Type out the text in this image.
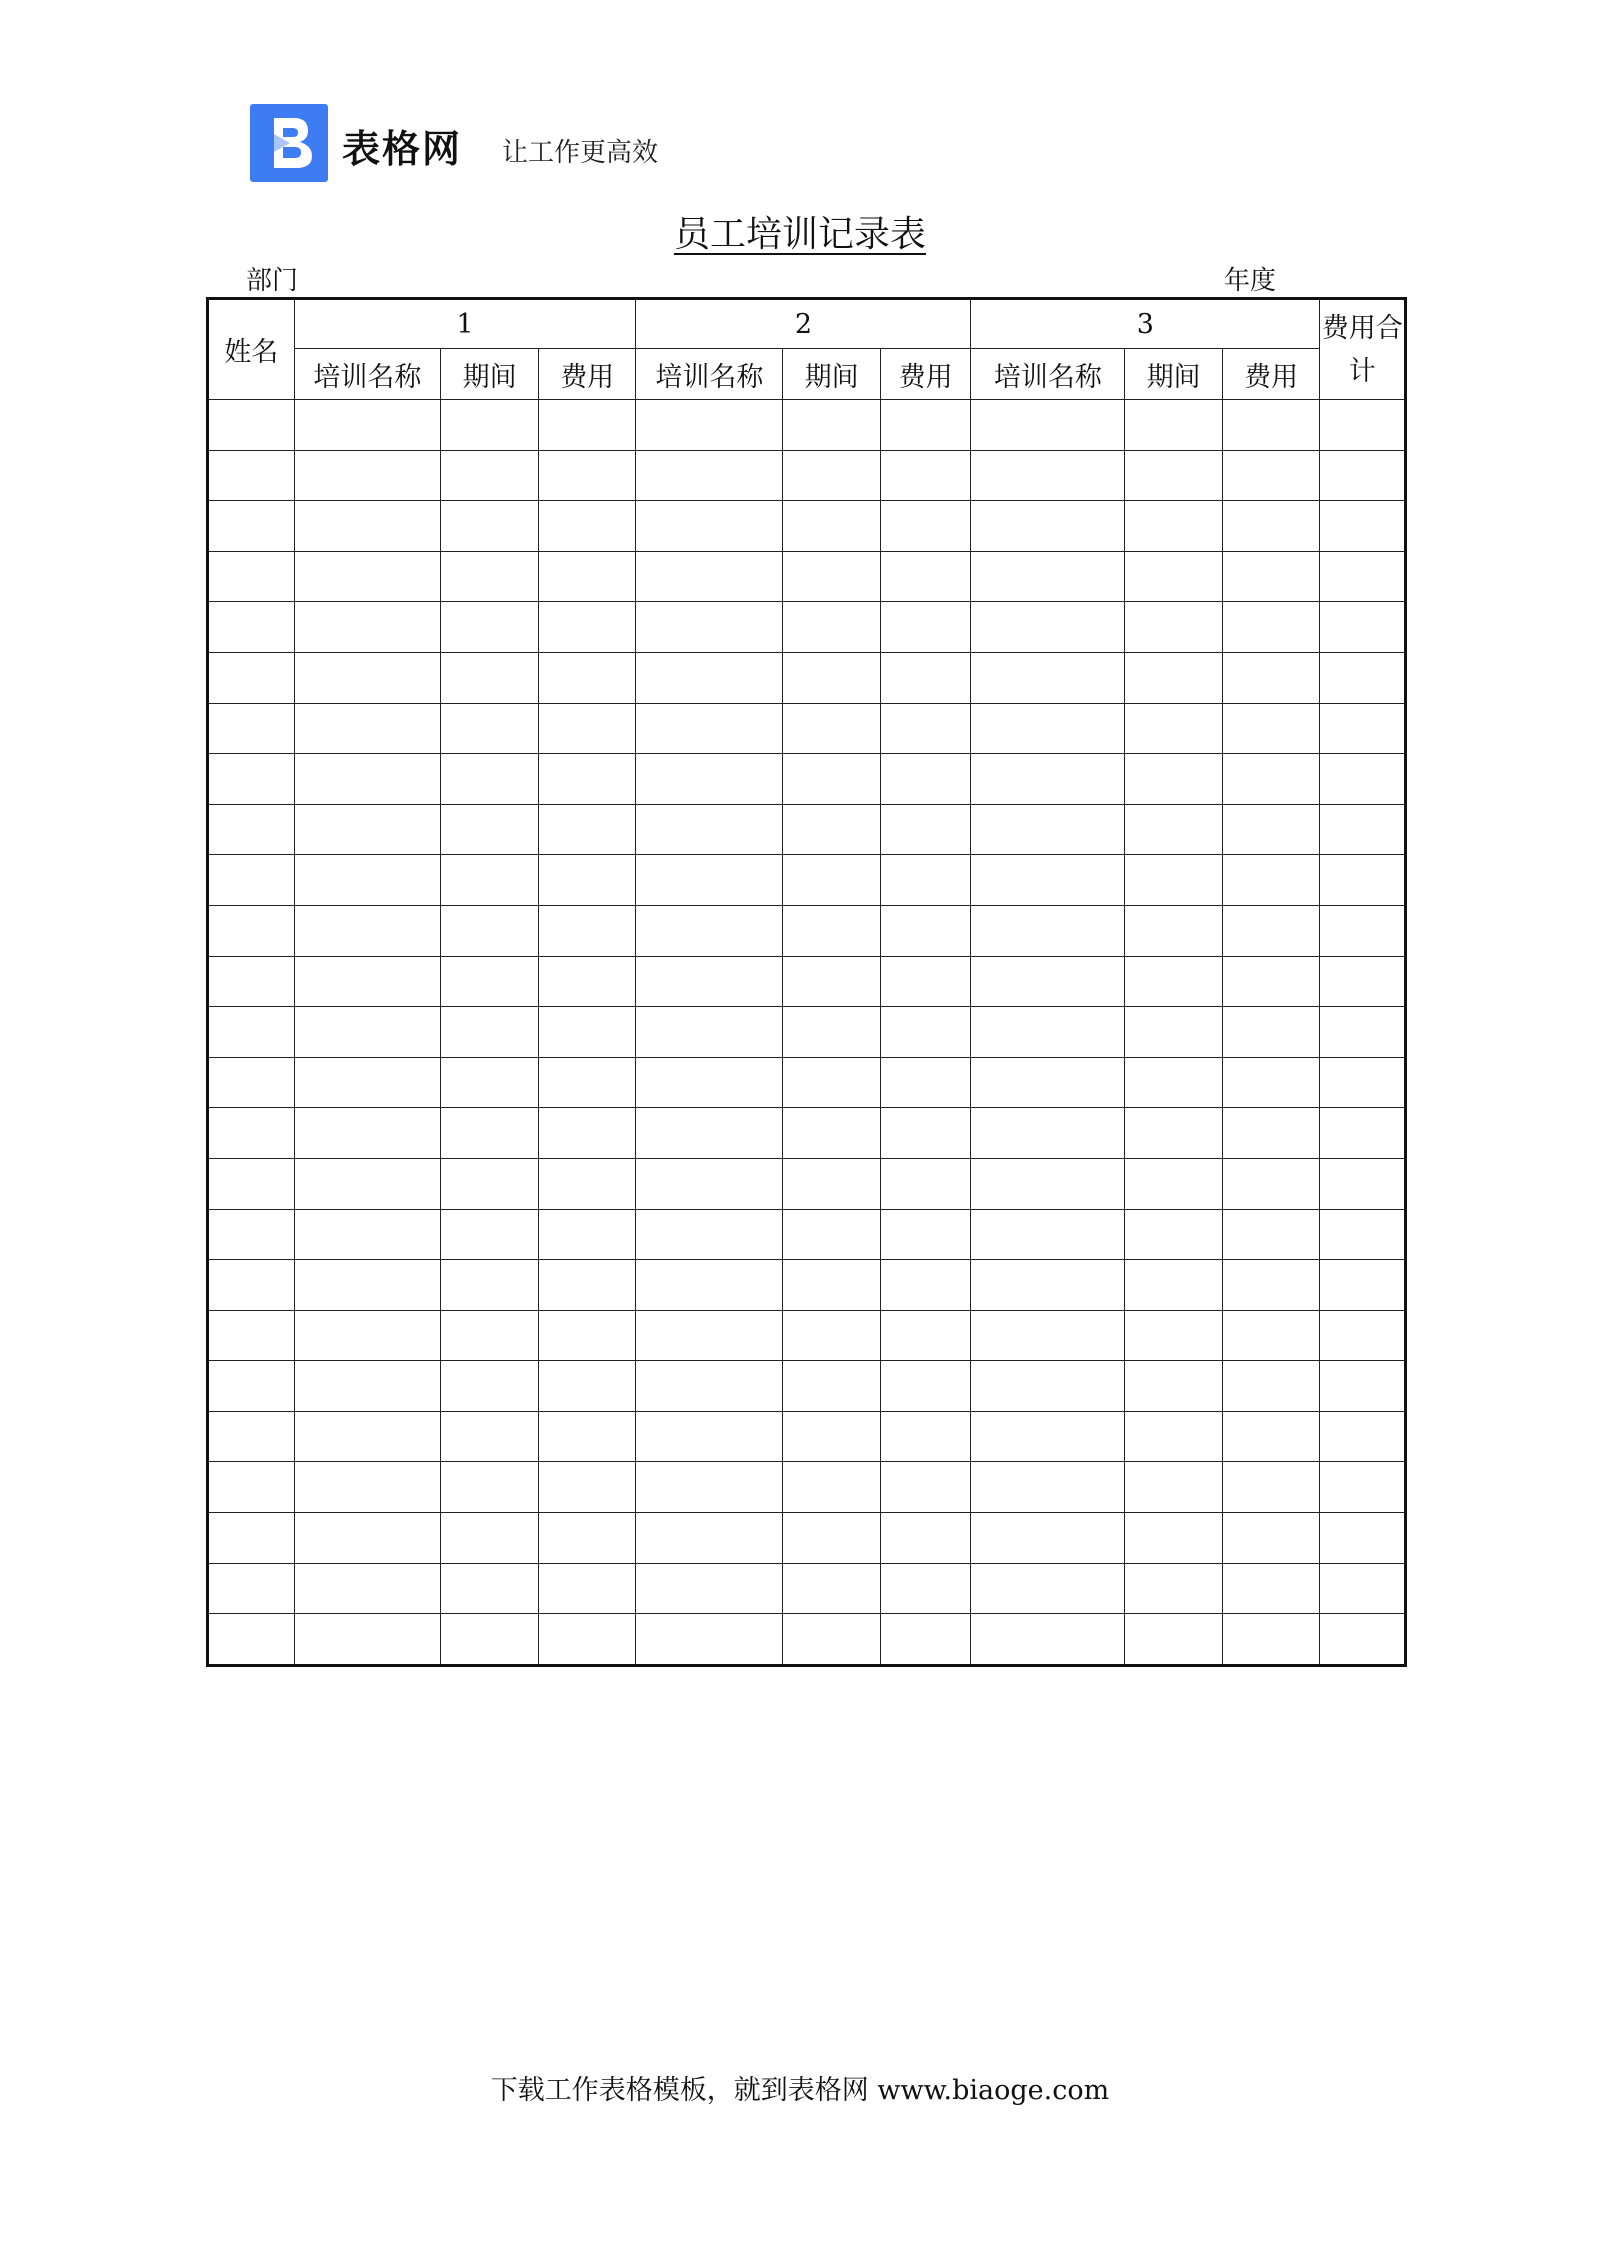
表格网 让工作更高效
员工培训记录表
部门	年度
姓名	1			2			3			费用合计
	培训名称	期间	费用	培训名称	期间	费用	培训名称	期间	费用	

下载工作表格模板，就到表格网 www.biaoge.com
